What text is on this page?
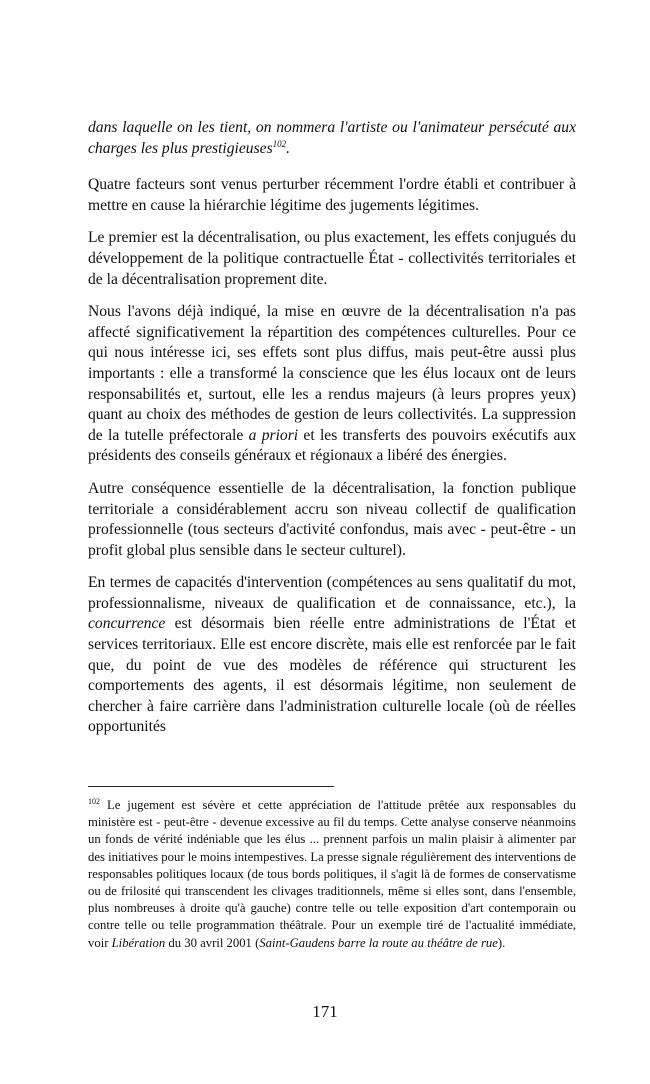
dans laquelle on les tient, on nommera l'artiste ou l'animateur persécuté aux charges les plus prestigieuses$^{102}$.

Quatre facteurs sont venus perturber récemment l'ordre établi et contribuer à mettre en cause la hiérarchie légitime des jugements légitimes.

Le premier est la décentralisation, ou plus exactement, les effets conjugués du développement de la politique contractuelle État - collectivités territoriales et de la décentralisation proprement dite.

Nous l'avons déjà indiqué, la mise en œuvre de la décentralisation n'a pas affecté significativement la répartition des compétences culturelles. Pour ce qui nous intéresse ici, ses effets sont plus diffus, mais peut-être aussi plus importants : elle a transformé la conscience que les élus locaux ont de leurs responsabilités et, surtout, elle les a rendus majeurs (à leurs propres yeux) quant au choix des méthodes de gestion de leurs collectivités. La suppression de la tutelle préfectorale a priori et les transferts des pouvoirs exécutifs aux présidents des conseils généraux et régionaux a libéré des énergies.

Autre conséquence essentielle de la décentralisation, la fonction publique territoriale a considérablement accru son niveau collectif de qualification professionnelle (tous secteurs d'activité confondus, mais avec - peut-être - un profit global plus sensible dans le secteur culturel).

En termes de capacités d'intervention (compétences au sens qualitatif du mot, professionnalisme, niveaux de qualification et de connaissance, etc.), la concurrence est désormais bien réelle entre administrations de l'État et services territoriaux. Elle est encore discrète, mais elle est renforcée par le fait que, du point de vue des modèles de référence qui structurent les comportements des agents, il est désormais légitime, non seulement de chercher à faire carrière dans l'administration culturelle locale (où de réelles opportunités

$^{102}$ Le jugement est sévère et cette appréciation de l'attitude prêtée aux responsables du ministère est - peut-être - devenue excessive au fil du temps. Cette analyse conserve néanmoins un fonds de vérité indéniable que les élus ... prennent parfois un malin plaisir à alimenter par des initiatives pour le moins intempestives. La presse signale régulièrement des interventions de responsables politiques locaux (de tous bords politiques, il s'agit là de formes de conservatisme ou de frilosité qui transcendent les clivages traditionnels, même si elles sont, dans l'ensemble, plus nombreuses à droite qu'à gauche) contre telle ou telle exposition d'art contemporain ou contre telle ou telle programmation théâtrale. Pour un exemple tiré de l'actualité immédiate, voir Libération du 30 avril 2001 (Saint-Gaudens barre la route au théâtre de rue).

171
